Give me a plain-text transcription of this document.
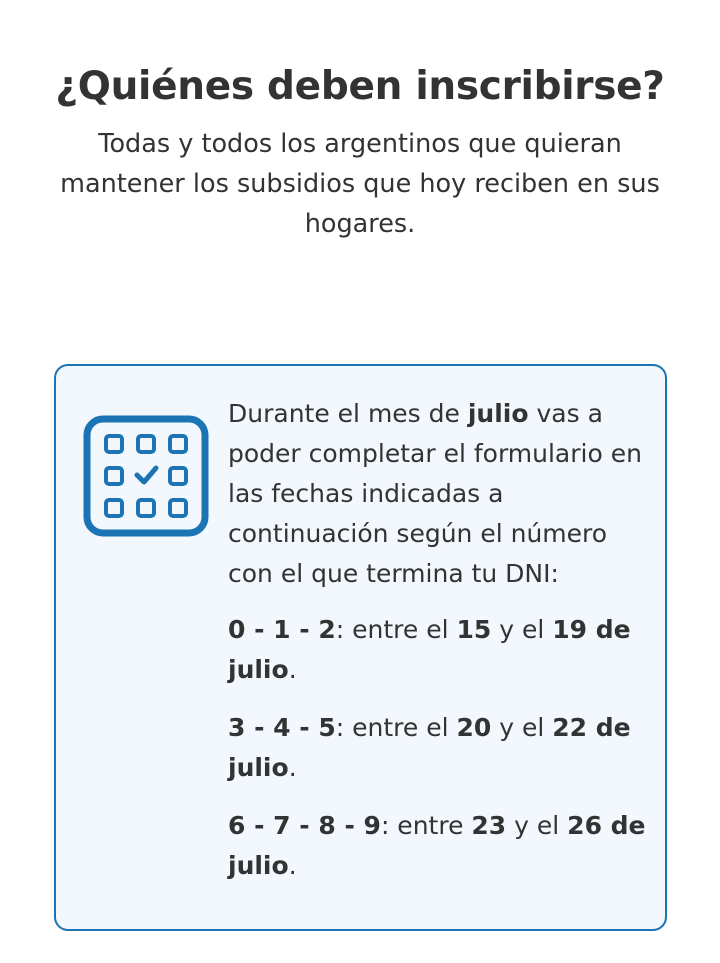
¿Quiénes deben inscribirse?

Todas y todos los argentinos que quieran mantener los subsidios que hoy reciben en sus hogares.

Durante el mes de julio vas a poder completar el formulario en las fechas indicadas a continuación según el número con el que termina tu DNI:

0 - 1 - 2: entre el 15 y el 19 de julio.

3 - 4 - 5: entre el 20 y el 22 de julio.

6 - 7 - 8 - 9: entre 23 y el 26 de julio.
